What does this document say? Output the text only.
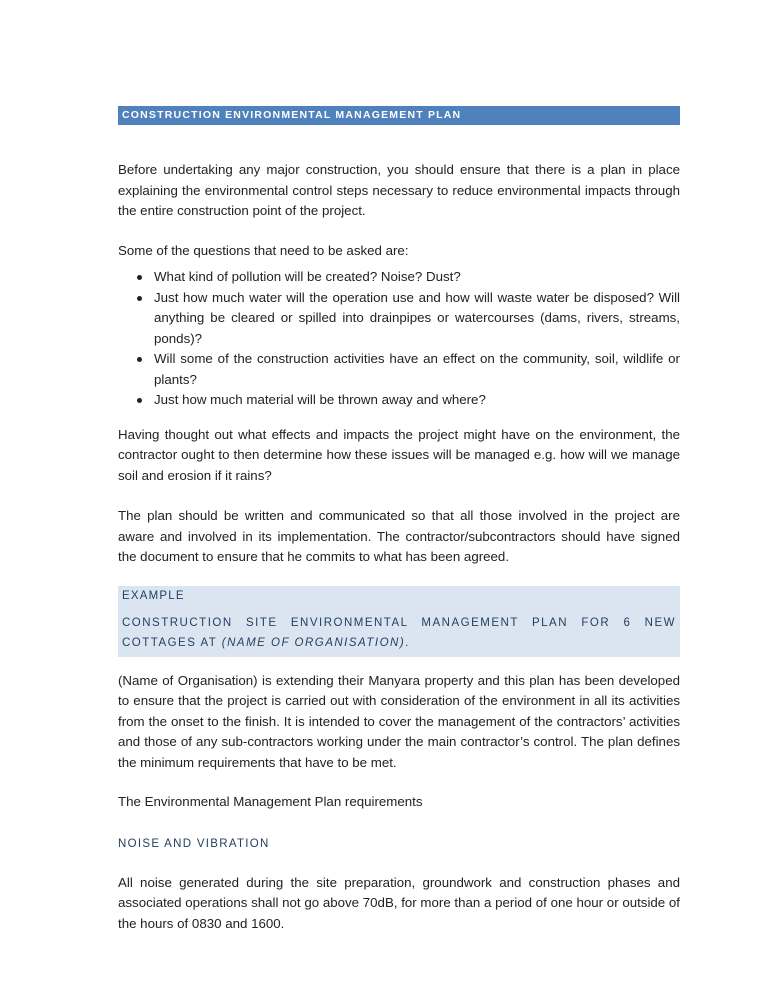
CONSTRUCTION ENVIRONMENTAL MANAGEMENT PLAN

Before undertaking any major construction, you should ensure that there is a plan in place explaining the environmental control steps necessary to reduce environmental impacts through the entire construction point of the project.

Some of the questions that need to be asked are:

What kind of pollution will be created? Noise? Dust?
Just how much water will the operation use and how will waste water be disposed? Will anything be cleared or spilled into drainpipes or watercourses (dams, rivers, streams, ponds)?
Will some of the construction activities have an effect on the community, soil, wildlife or plants?
Just how much material will be thrown away and where?

Having thought out what effects and impacts the project might have on the environment, the contractor ought to then determine how these issues will be managed e.g. how will we manage soil and erosion if it rains?

The plan should be written and communicated so that all those involved in the project are aware and involved in its implementation. The contractor/subcontractors should have signed the document to ensure that he commits to what has been agreed.

EXAMPLE
CONSTRUCTION SITE ENVIRONMENTAL MANAGEMENT PLAN FOR 6 NEW COTTAGES AT (NAME OF ORGANISATION).

(Name of Organisation) is extending their Manyara property and this plan has been developed to ensure that the project is carried out with consideration of the environment in all its activities from the onset to the finish. It is intended to cover the management of the contractors’ activities and those of any sub-contractors working under the main contractor’s control. The plan defines the minimum requirements that have to be met.

The Environmental Management Plan requirements

NOISE AND VIBRATION

All noise generated during the site preparation, groundwork and construction phases and associated operations shall not go above 70dB, for more than a period of one hour or outside of the hours of 0830 and 1600.
